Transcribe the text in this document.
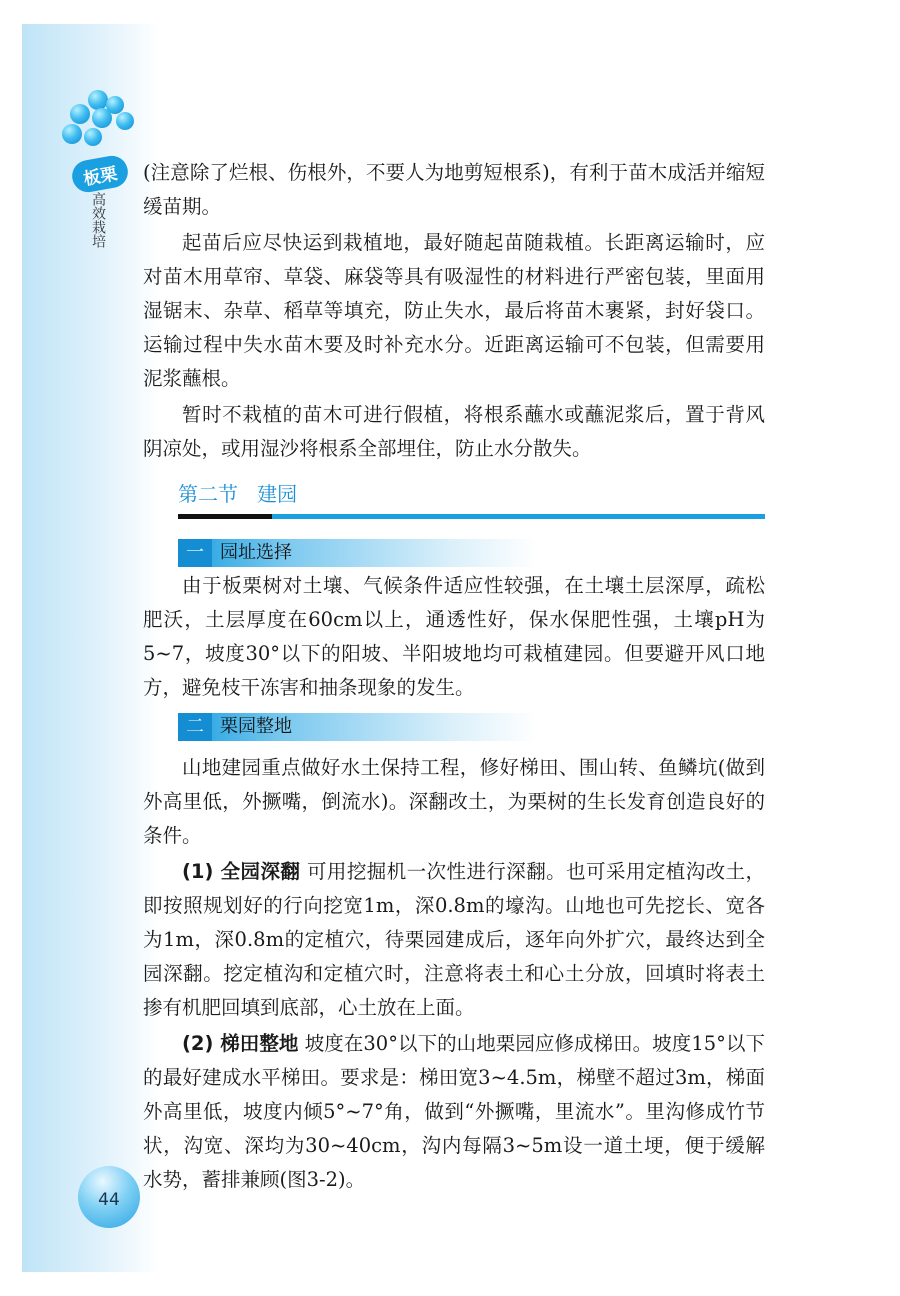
板栗
高效栽培

(注意除了烂根、伤根外，不要人为地剪短根系)，有利于苗木成活并缩短缓苗期。

起苗后应尽快运到栽植地，最好随起苗随栽植。长距离运输时，应对苗木用草帘、草袋、麻袋等具有吸湿性的材料进行严密包装，里面用湿锯末、杂草、稻草等填充，防止失水，最后将苗木裹紧，封好袋口。运输过程中失水苗木要及时补充水分。近距离运输可不包装，但需要用泥浆蘸根。

暂时不栽植的苗木可进行假植，将根系蘸水或蘸泥浆后，置于背风阴凉处，或用湿沙将根系全部埋住，防止水分散失。

第二节   建园
一 园址选择

由于板栗树对土壤、气候条件适应性较强，在土壤土层深厚，疏松肥沃，土层厚度在60cm以上，通透性好，保水保肥性强，土壤pH为5~7，坡度30°以下的阳坡、半阳坡地均可栽植建园。但要避开风口地方，避免枝干冻害和抽条现象的发生。

二 栗园整地

山地建园重点做好水土保持工程，修好梯田、围山转、鱼鳞坑(做到外高里低，外撅嘴，倒流水)。深翻改土，为栗树的生长发育创造良好的条件。

(1) 全园深翻 可用挖掘机一次性进行深翻。也可采用定植沟改土，即按照规划好的行向挖宽1m，深0.8m的壕沟。山地也可先挖长、宽各为1m，深0.8m的定植穴，待栗园建成后，逐年向外扩穴，最终达到全园深翻。挖定植沟和定植穴时，注意将表土和心土分放，回填时将表土掺有机肥回填到底部，心土放在上面。

(2) 梯田整地 坡度在30°以下的山地栗园应修成梯田。坡度15°以下的最好建成水平梯田。要求是：梯田宽3~4.5m，梯壁不超过3m，梯面外高里低，坡度内倾5°~7°角，做到“外撅嘴，里流水”。里沟修成竹节状，沟宽、深均为30~40cm，沟内每隔3~5m设一道土埂，便于缓解水势，蓄排兼顾(图3-2)。

44
